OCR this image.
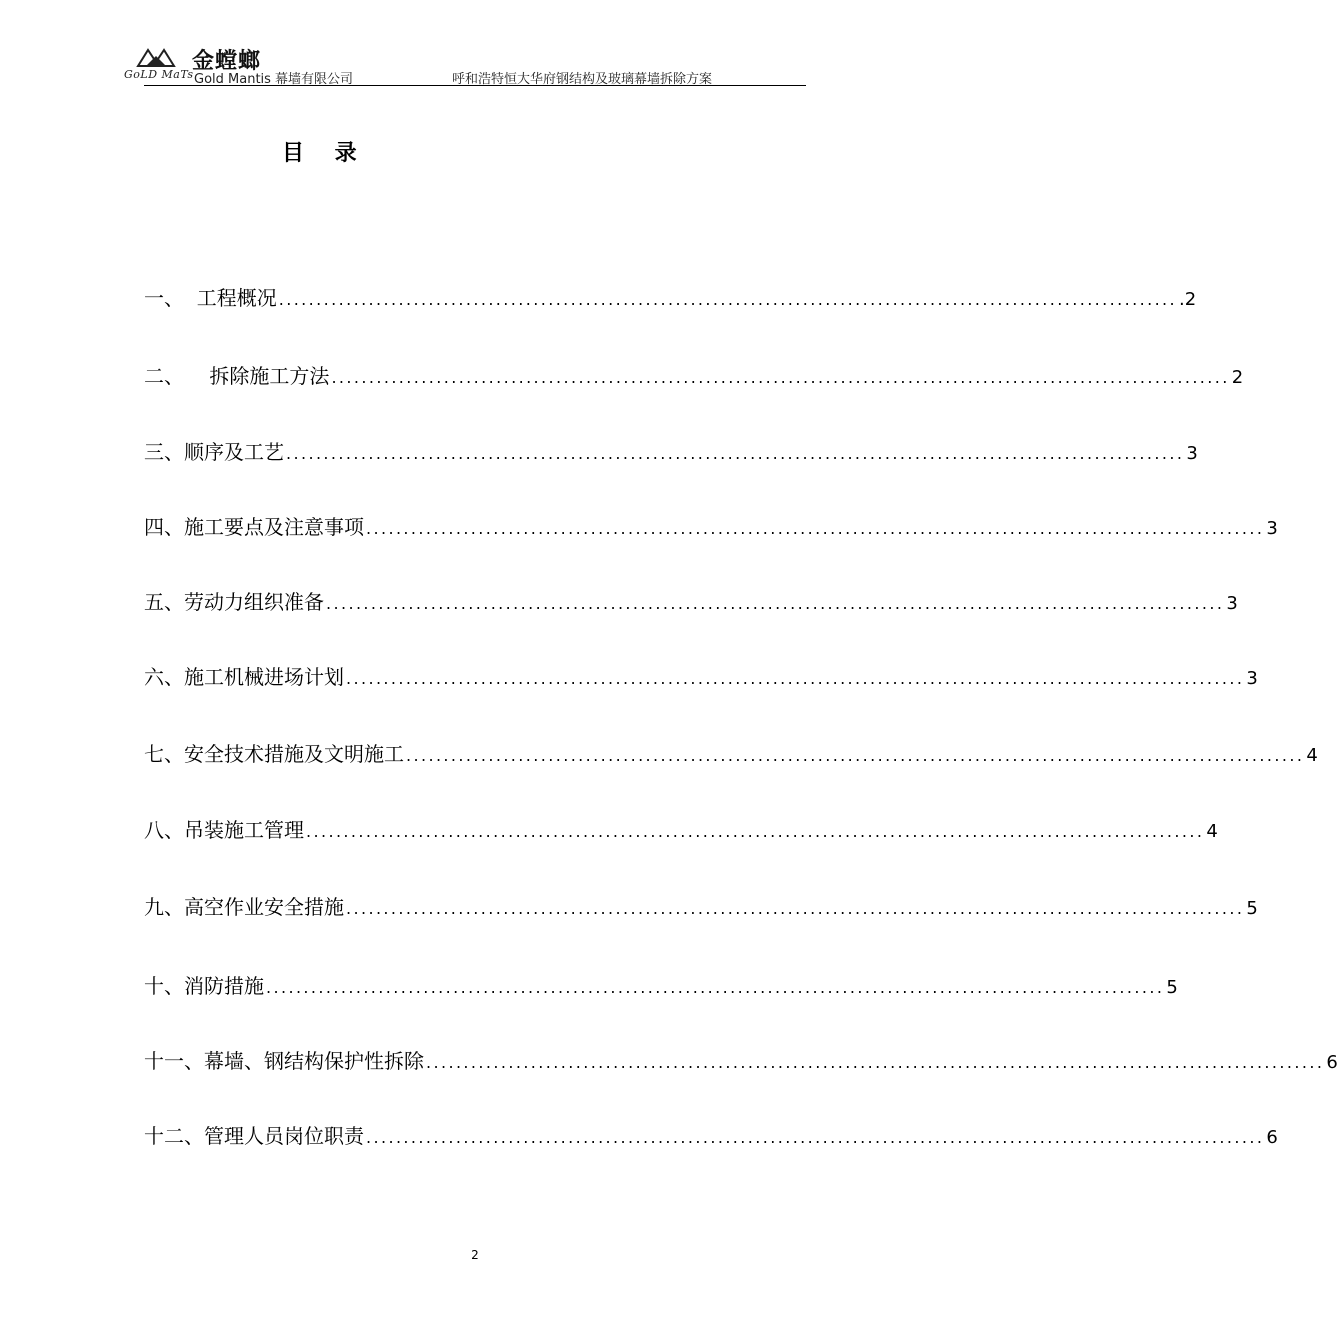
金螳螂
GoLD MaTs Gold Mantis 幕墙有限公司	呼和浩特恒大华府钢结构及玻璃幕墙拆除方案
目    录
一、  工程概况 ........................................................................................................................ .2
二、    拆除施工方法 ........................................................................................................................ 2
三、顺序及工艺 ........................................................................................................................ 3
四、施工要点及注意事项 ........................................................................................................................ 3
五、劳动力组织准备 ........................................................................................................................ 3
六、施工机械进场计划 ........................................................................................................................ 3
七、安全技术措施及文明施工 ........................................................................................................................ 4
八、吊装施工管理 ........................................................................................................................ 4
九、高空作业安全措施 ........................................................................................................................ 5
十、消防措施 ........................................................................................................................ 5
十一、幕墙、钢结构保护性拆除 ........................................................................................................................ 6
十二、管理人员岗位职责 ........................................................................................................................ 6
2
